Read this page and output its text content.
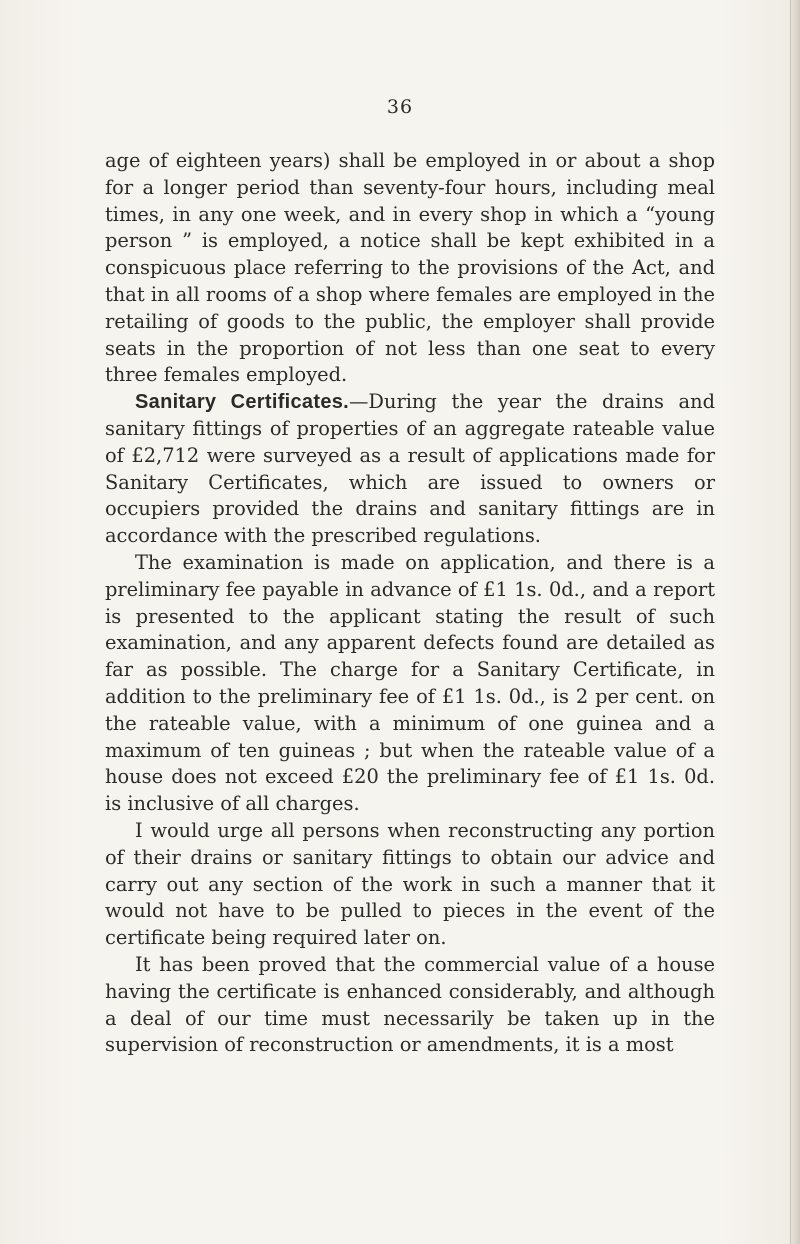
36

age of eighteen years) shall be employed in or about a shop for a longer period than seventy-four hours, including meal times, in any one week, and in every shop in which a “young person ” is employed, a notice shall be kept exhibited in a conspicuous place referring to the provisions of the Act, and that in all rooms of a shop where females are employed in the retailing of goods to the public, the employer shall provide seats in the proportion of not less than one seat to every three females employed.

Sanitary Certificates.—During the year the drains and sanitary fittings of properties of an aggregate rateable value of £2,712 were surveyed as a result of applications made for Sanitary Certificates, which are issued to owners or occupiers provided the drains and sanitary fittings are in accordance with the prescribed regulations.

The examination is made on application, and there is a preliminary fee payable in advance of £1 1s. 0d., and a report is presented to the applicant stating the result of such examination, and any apparent defects found are detailed as far as possible. The charge for a Sanitary Certificate, in addition to the preliminary fee of £1 1s. 0d., is 2 per cent. on the rateable value, with a minimum of one guinea and a maximum of ten guineas ; but when the rateable value of a house does not exceed £20 the preliminary fee of £1 1s. 0d. is inclusive of all charges.

I would urge all persons when reconstructing any portion of their drains or sanitary fittings to obtain our advice and carry out any section of the work in such a manner that it would not have to be pulled to pieces in the event of the certificate being required later on.

It has been proved that the commercial value of a house having the certificate is enhanced considerably, and although a deal of our time must necessarily be taken up in the supervision of reconstruction or amendments, it is a most
